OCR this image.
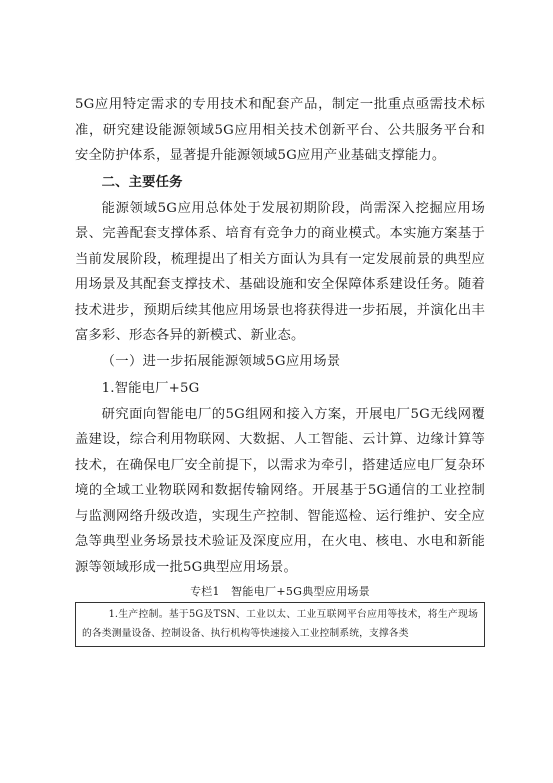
5G应用特定需求的专用技术和配套产品，制定一批重点亟需技术标准，研究建设能源领域5G应用相关技术创新平台、公共服务平台和安全防护体系，显著提升能源领域5G应用产业基础支撑能力。

二、主要任务

能源领域5G应用总体处于发展初期阶段，尚需深入挖掘应用场景、完善配套支撑体系、培育有竞争力的商业模式。本实施方案基于当前发展阶段，梳理提出了相关方面认为具有一定发展前景的典型应用场景及其配套支撑技术、基础设施和安全保障体系建设任务。随着技术进步，预期后续其他应用场景也将获得进一步拓展，并演化出丰富多彩、形态各异的新模式、新业态。

（一）进一步拓展能源领域5G应用场景

1.智能电厂+5G

研究面向智能电厂的5G组网和接入方案，开展电厂5G无线网覆盖建设，综合利用物联网、大数据、人工智能、云计算、边缘计算等技术，在确保电厂安全前提下，以需求为牵引，搭建适应电厂复杂环境的全域工业物联网和数据传输网络。开展基于5G通信的工业控制与监测网络升级改造，实现生产控制、智能巡检、运行维护、安全应急等典型业务场景技术验证及深度应用，在火电、核电、水电和新能源等领域形成一批5G典型应用场景。

专栏1　智能电厂+5G典型应用场景

1.生产控制。基于5G及TSN、工业以太、工业互联网平台应用等技术，将生产现场的各类测量设备、控制设备、执行机构等快速接入工业控制系统，支撑各类
